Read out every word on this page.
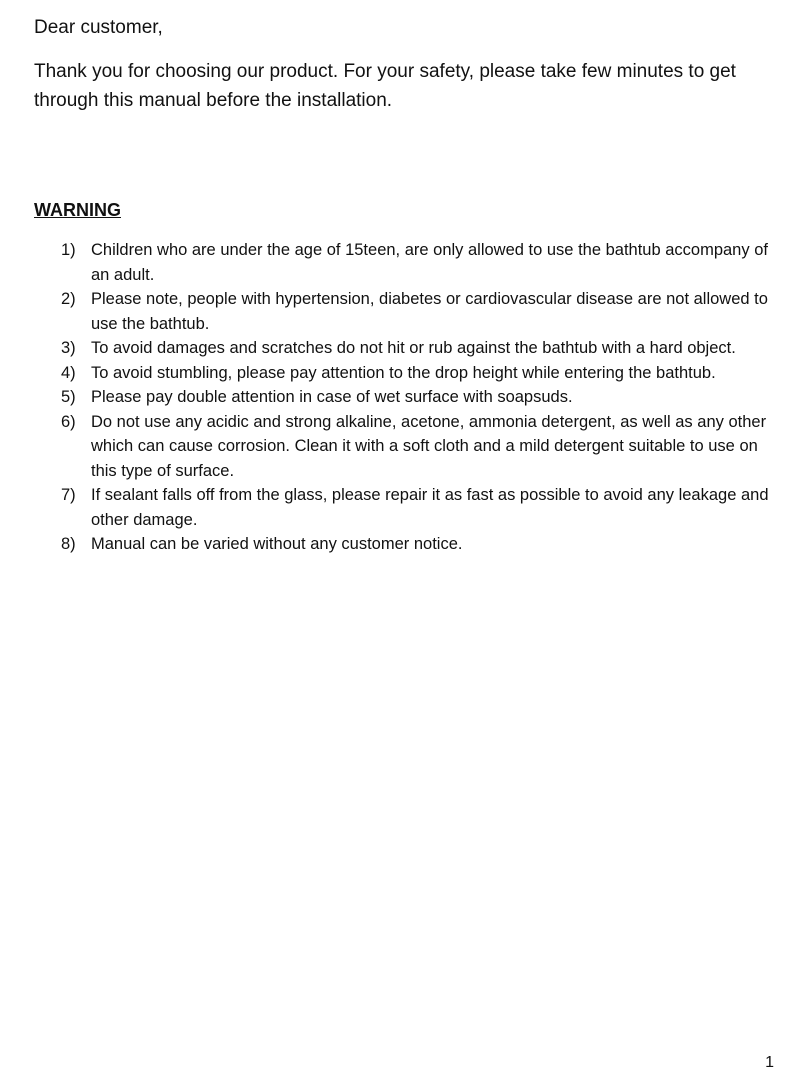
Dear customer,

Thank you for choosing our product. For your safety, please take few minutes to get through this manual before the installation.

WARNING
1) Children who are under the age of 15teen, are only allowed to use the bathtub accompany of an adult.
2) Please note, people with hypertension, diabetes or cardiovascular disease are not allowed to use the bathtub.
3) To avoid damages and scratches do not hit or rub against the bathtub with a hard object.
4) To avoid stumbling, please pay attention to the drop height while entering the bathtub.
5) Please pay double attention in case of wet surface with soapsuds.
6) Do not use any acidic and strong alkaline, acetone, ammonia detergent, as well as any other which can cause corrosion. Clean it with a soft cloth and a mild detergent suitable to use on this type of surface.
7) If sealant falls off from the glass, please repair it as fast as possible to avoid any leakage and other damage.
8) Manual can be varied without any customer notice.
1
